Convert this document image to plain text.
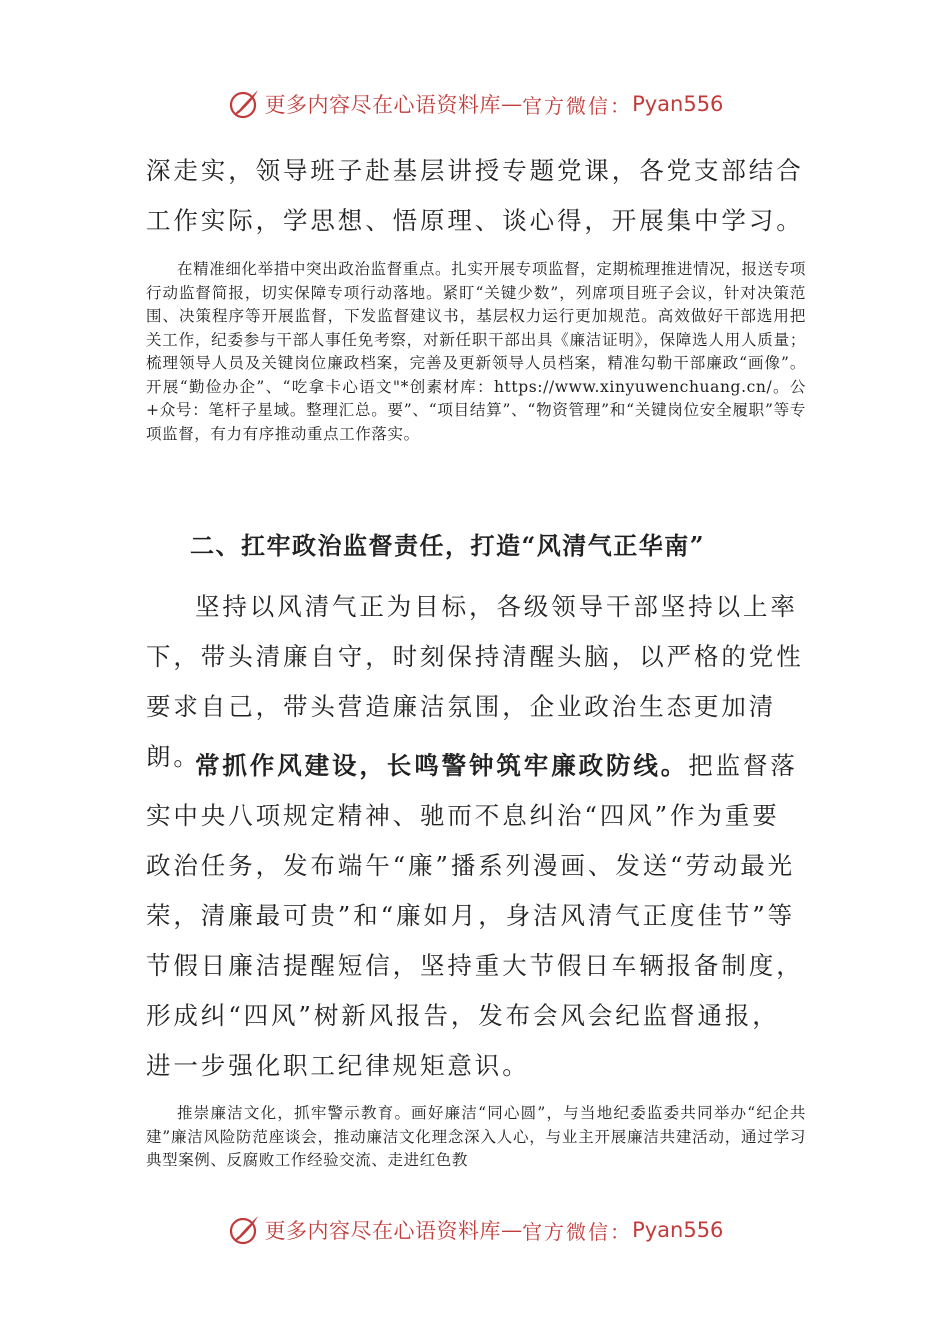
更多内容尽在心语资料库 — 官方微信： Pyan556

深走实，领导班子赴基层讲授专题党课，各党支部结合工作实际，学思想、悟原理、谈心得，开展集中学习。

在精准细化举措中突出政治监督重点。扎实开展专项监督，定期梳理推进情况，报送专项行动监督简报，切实保障专项行动落地。紧盯“关键少数”，列席项目班子会议，针对决策范围、决策程序等开展监督，下发监督建议书，基层权力运行更加规范。高效做好干部选用把关工作，纪委参与干部人事任免考察，对新任职干部出具《廉洁证明》，保障选人用人质量；梳理领导人员及关键岗位廉政档案，完善及更新领导人员档案，精准勾勒干部廉政“画像”。开展“勤俭办企”、“吃拿卡心语文"*创素材库：https://www.xinyuwenchuang.cn/。公+众号：笔杆子星域。整理汇总。要”、“项目结算”、“物资管理”和“关键岗位安全履职”等专项监督，有力有序推动重点工作落实。

二、扛牢政治监督责任，打造“风清气正华南”

坚持以风清气正为目标，各级领导干部坚持以上率下，带头清廉自守，时刻保持清醒头脑，以严格的党性要求自己，带头营造廉洁氛围，企业政治生态更加清朗。

常抓作风建设，长鸣警钟筑牢廉政防线。把监督落实中央八项规定精神、驰而不息纠治“四风”作为重要政治任务，发布端午“廉”播系列漫画、发送“劳动最光荣，清廉最可贵”和“廉如月，身洁风清气正度佳节”等节假日廉洁提醒短信，坚持重大节假日车辆报备制度，形成纠“四风”树新风报告，发布会风会纪监督通报，进一步强化职工纪律规矩意识。

推崇廉洁文化，抓牢警示教育。画好廉洁“同心圆”，与当地纪委监委共同举办“纪企共建”廉洁风险防范座谈会，推动廉洁文化理念深入人心，与业主开展廉洁共建活动，通过学习典型案例、反腐败工作经验交流、走进红色教

更多内容尽在心语资料库 — 官方微信： Pyan556
